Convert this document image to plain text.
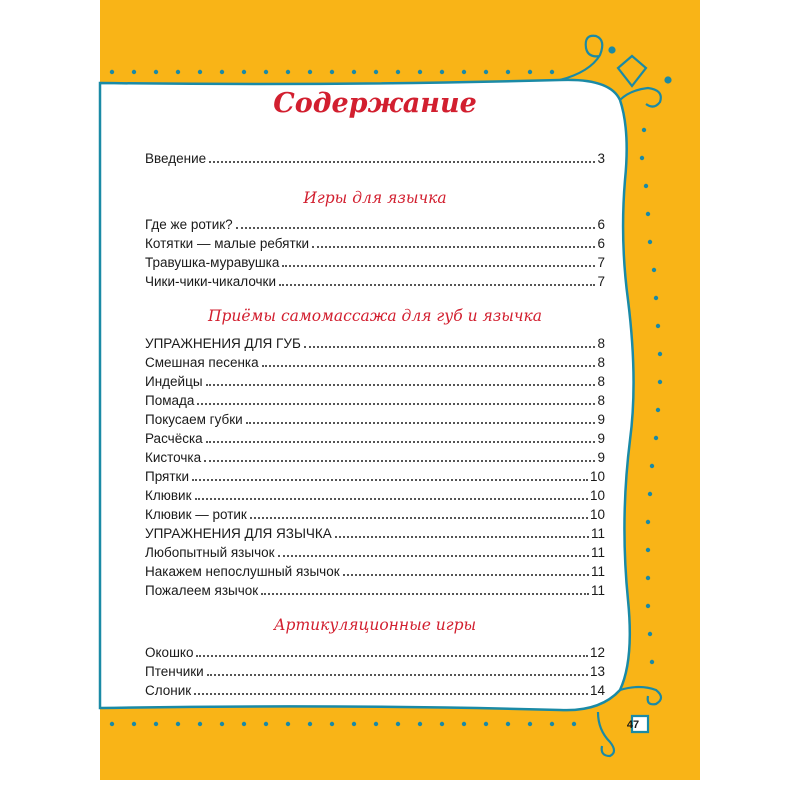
47
Содержание
Введение	3
Игры для язычка
Где же ротик?	6
Котятки — малые ребятки	6
Травушка-муравушка	7
Чики-чики-чикалочки	7
Приёмы самомассажа для губ и язычка
УПРАЖНЕНИЯ ДЛЯ ГУБ	8
Смешная песенка	8
Индейцы	8
Помада	8
Покусаем губки	9
Расчёска	9
Кисточка	9
Прятки	10
Клювик	10
Клювик — ротик	10
УПРАЖНЕНИЯ ДЛЯ ЯЗЫЧКА	11
Любопытный язычок	11
Накажем непослушный язычок	11
Пожалеем язычок	11
Артикуляционные игры
Окошко	12
Птенчики	13
Слоник	14
